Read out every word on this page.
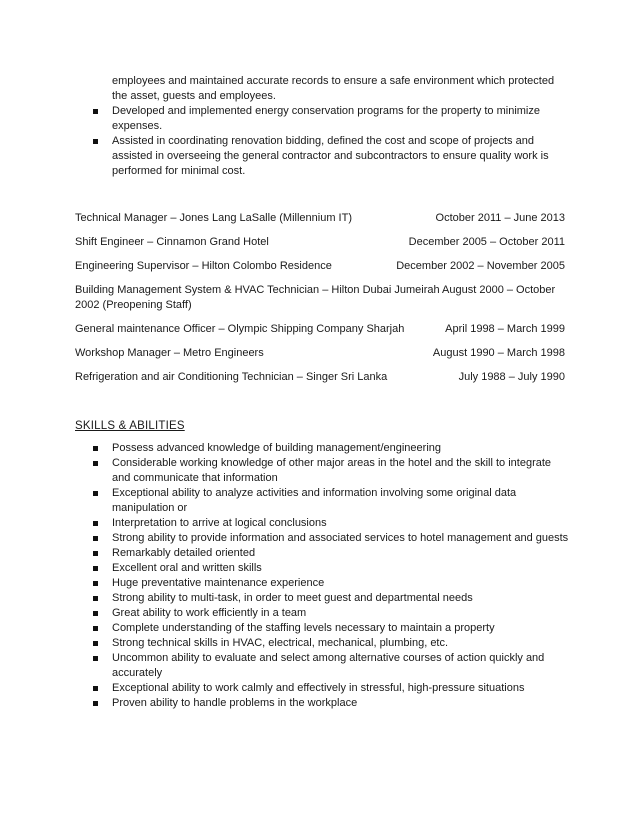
employees and maintained accurate records to ensure a safe environment which protected the asset, guests and employees.
Developed and implemented energy conservation programs for the property to minimize expenses.
Assisted in coordinating renovation bidding, defined the cost and scope of projects and assisted in overseeing the general contractor and subcontractors to ensure quality work is performed for minimal cost.
Technical Manager – Jones Lang LaSalle (Millennium IT)	October 2011 – June 2013
Shift Engineer – Cinnamon Grand Hotel	December 2005 – October 2011
Engineering Supervisor – Hilton Colombo Residence	December 2002 – November 2005
Building Management System & HVAC Technician – Hilton Dubai Jumeirah August 2000 – October 2002 (Preopening Staff)
General maintenance Officer – Olympic Shipping Company Sharjah	April 1998 – March 1999
Workshop Manager – Metro Engineers	August 1990 – March 1998
Refrigeration and air Conditioning Technician – Singer Sri Lanka	July 1988 – July 1990
SKILLS & ABILITIES
Possess advanced knowledge of building management/engineering
Considerable working knowledge of other major areas in the hotel and the skill to integrate and communicate that information
Exceptional ability to analyze activities and information involving some original data manipulation or
Interpretation to arrive at logical conclusions
Strong ability to provide information and associated services to hotel management and guests
Remarkably detailed oriented
Excellent oral and written skills
Huge preventative maintenance experience
Strong ability to multi-task, in order to meet guest and departmental needs
Great ability to work efficiently in a team
Complete understanding of the staffing levels necessary to maintain a property
Strong technical skills in HVAC, electrical, mechanical, plumbing, etc.
Uncommon ability to evaluate and select among alternative courses of action quickly and accurately
Exceptional ability to work calmly and effectively in stressful, high-pressure situations
Proven ability to handle problems in the workplace
